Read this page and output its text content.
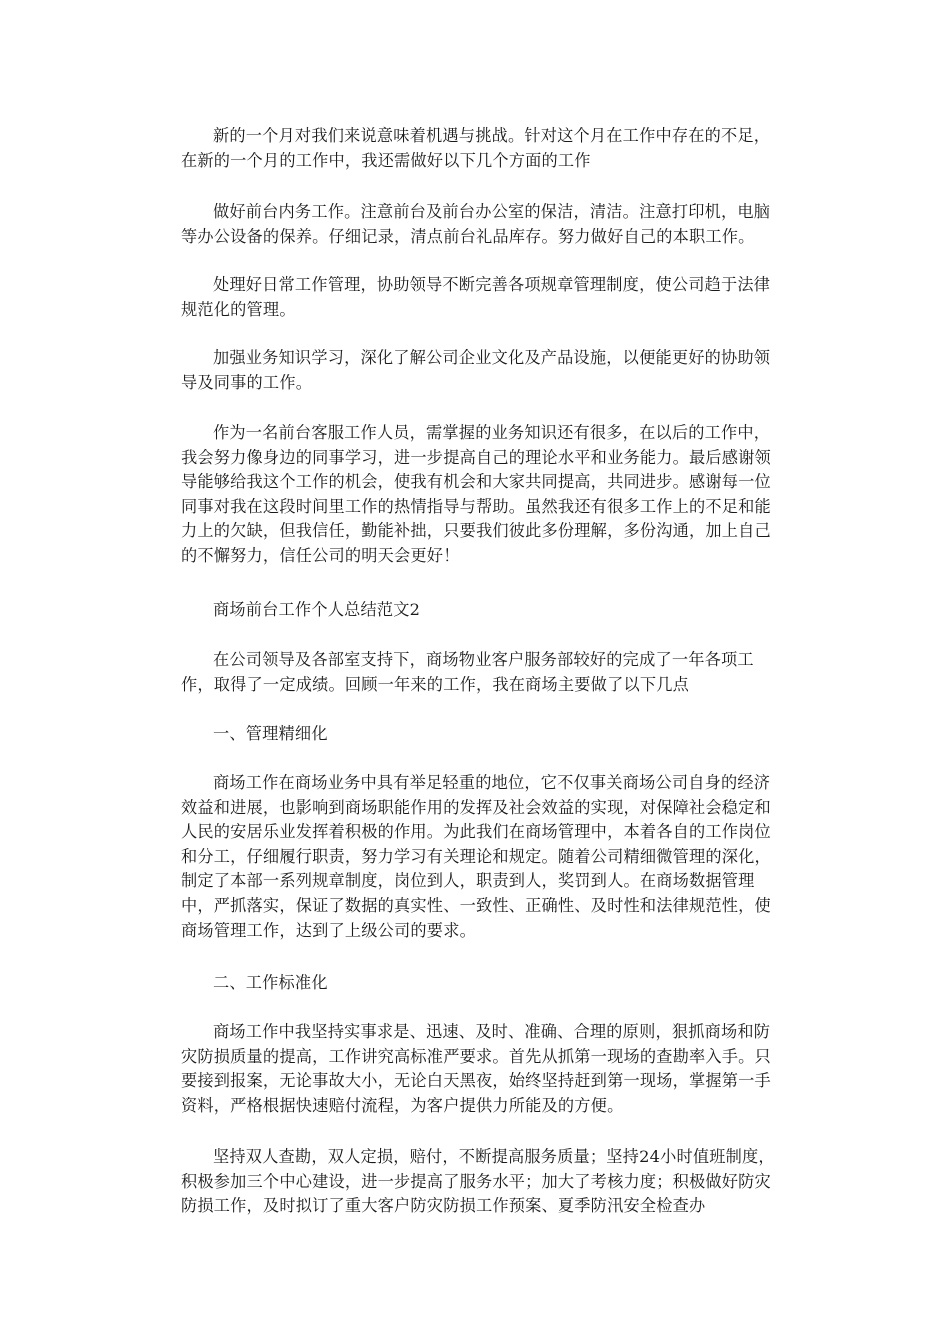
新的一个月对我们来说意味着机遇与挑战。针对这个月在工作中存在的不足，在新的一个月的工作中，我还需做好以下几个方面的工作

做好前台内务工作。注意前台及前台办公室的保洁，清洁。注意打印机，电脑等办公设备的保养。仔细记录，清点前台礼品库存。努力做好自己的本职工作。

处理好日常工作管理，协助领导不断完善各项规章管理制度，使公司趋于法律规范化的管理。

加强业务知识学习，深化了解公司企业文化及产品设施，以便能更好的协助领导及同事的工作。

作为一名前台客服工作人员，需掌握的业务知识还有很多，在以后的工作中，我会努力像身边的同事学习，进一步提高自己的理论水平和业务能力。最后感谢领导能够给我这个工作的机会，使我有机会和大家共同提高，共同进步。感谢每一位同事对我在这段时间里工作的热情指导与帮助。虽然我还有很多工作上的不足和能力上的欠缺，但我信任，勤能补拙，只要我们彼此多份理解，多份沟通，加上自己的不懈努力，信任公司的明天会更好！

商场前台工作个人总结范文2

在公司领导及各部室支持下，商场物业客户服务部较好的完成了一年各项工作，取得了一定成绩。回顾一年来的工作，我在商场主要做了以下几点

一、管理精细化

商场工作在商场业务中具有举足轻重的地位，它不仅事关商场公司自身的经济效益和进展，也影响到商场职能作用的发挥及社会效益的实现，对保障社会稳定和人民的安居乐业发挥着积极的作用。为此我们在商场管理中，本着各自的工作岗位和分工，仔细履行职责，努力学习有关理论和规定。随着公司精细微管理的深化，制定了本部一系列规章制度，岗位到人，职责到人，奖罚到人。在商场数据管理中，严抓落实，保证了数据的真实性、一致性、正确性、及时性和法律规范性，使商场管理工作，达到了上级公司的要求。

二、工作标准化

商场工作中我坚持实事求是、迅速、及时、准确、合理的原则，狠抓商场和防灾防损质量的提高，工作讲究高标准严要求。首先从抓第一现场的查勘率入手。只要接到报案，无论事故大小，无论白天黑夜，始终坚持赶到第一现场，掌握第一手资料，严格根据快速赔付流程，为客户提供力所能及的方便。

坚持双人查勘，双人定损，赔付，不断提高服务质量；坚持24小时值班制度，积极参加三个中心建设，进一步提高了服务水平；加大了考核力度；积极做好防灾防损工作，及时拟订了重大客户防灾防损工作预案、夏季防汛安全检查办
